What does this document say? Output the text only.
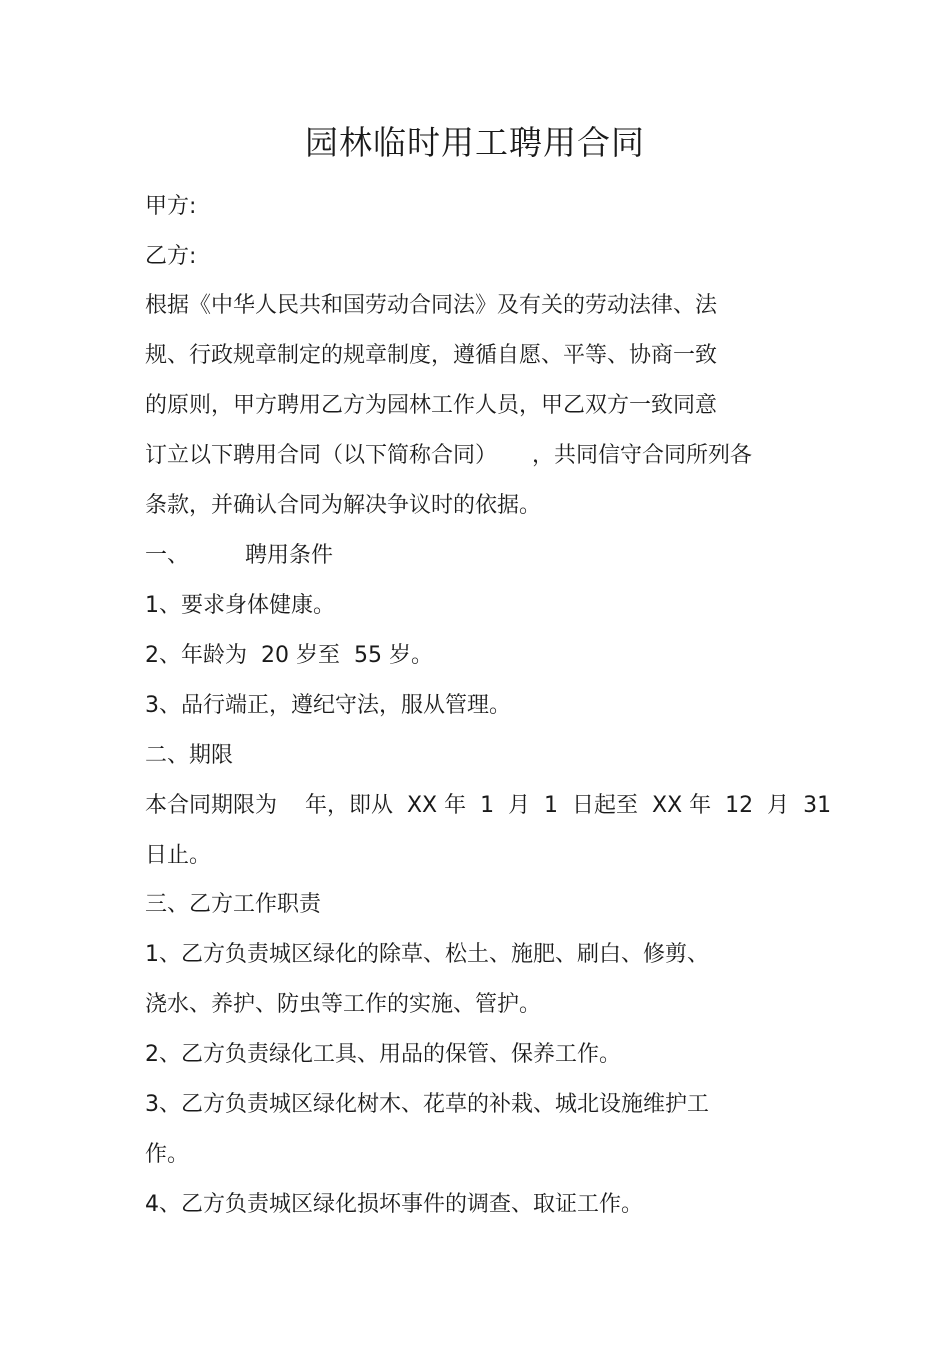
园林临时用工聘用合同
甲方:
乙方:
根据《中华人民共和国劳动合同法》及有关的劳动法律、法
规、行政规章制定的规章制度，遵循自愿、平等、协商一致
的原则，甲方聘用乙方为园林工作人员，甲乙双方一致同意
订立以下聘用合同（以下简称合同）     ，共同信守合同所列各
条款，并确认合同为解决争议时的依据。
一、        聘用条件
1、要求身体健康。
2、年龄为  20 岁至  55 岁。
3、品行端正，遵纪守法，服从管理。
二、期限
本合同期限为    年，即从  XX 年  1  月  1  日起至  XX 年  12  月  31
日止。
三、乙方工作职责
1、乙方负责城区绿化的除草、松土、施肥、刷白、修剪、
浇水、养护、防虫等工作的实施、管护。
2、乙方负责绿化工具、用品的保管、保养工作。
3、乙方负责城区绿化树木、花草的补栽、城北设施维护工
作。
4、乙方负责城区绿化损坏事件的调查、取证工作。
